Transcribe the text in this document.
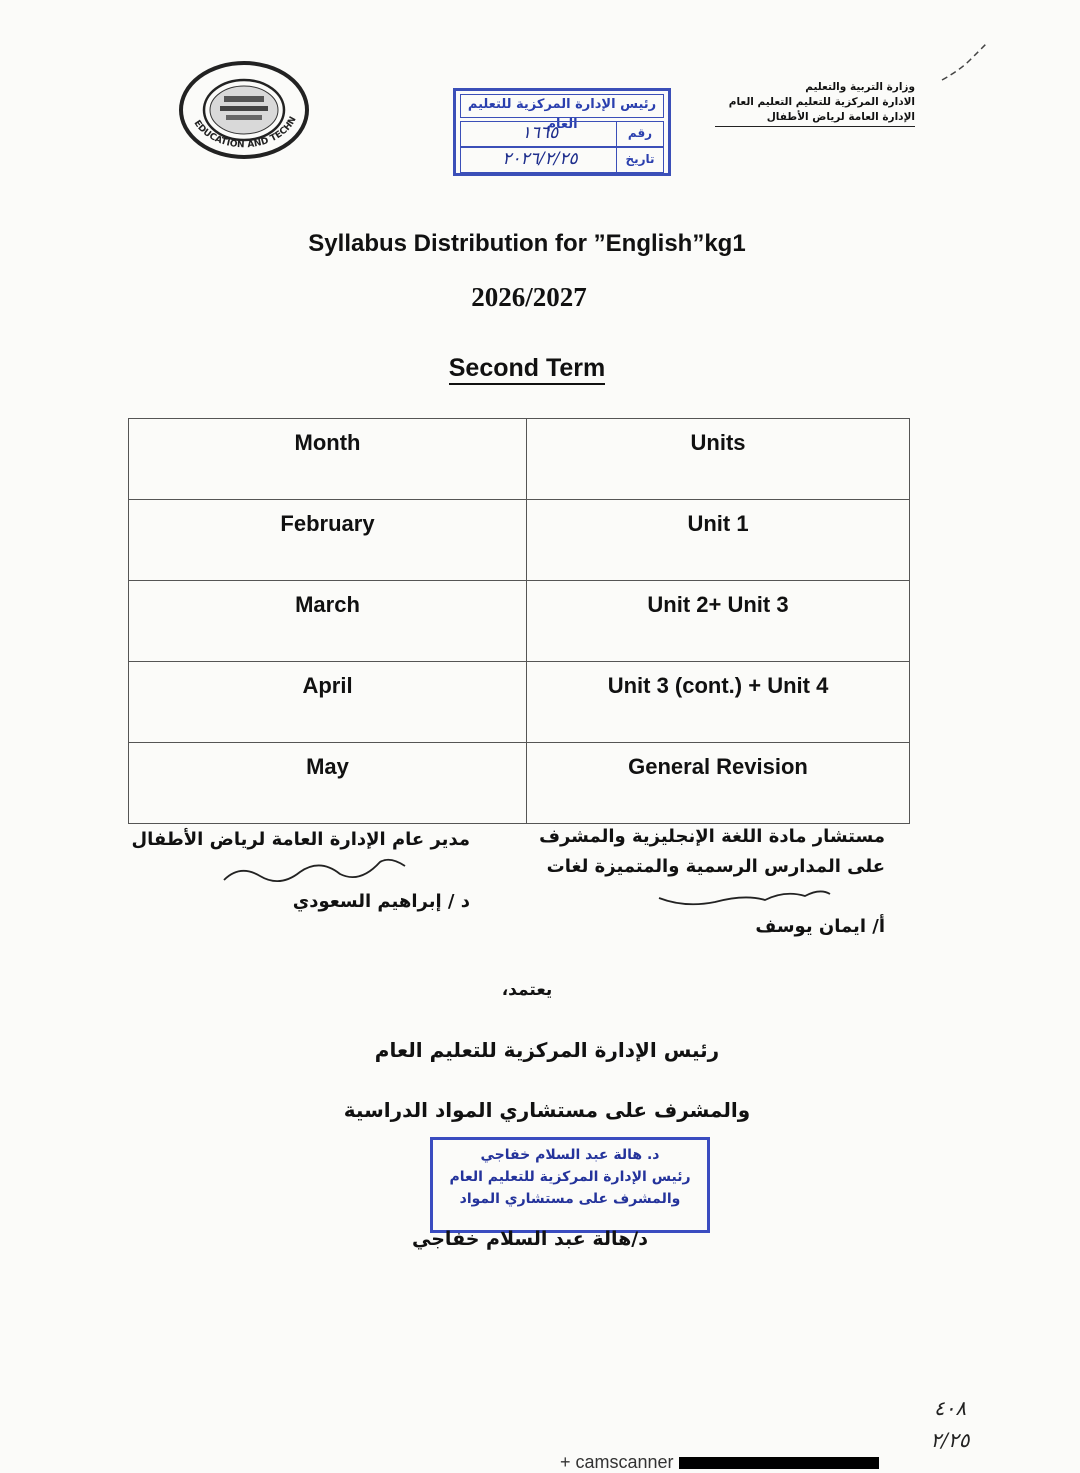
EDUCATION AND TECHN
رئيس الإدارة المركزية للتعليم العام
رقم
١٦٦٥
تاريخ
٢٠٢٦/٢/٢٥
وزارة التربية والتعليم
الادارة المركزية للتعليم التعليم العام
الإدارة العامة لرياض الأطفال
Syllabus Distribution for ”English”kg1
2026/2027
Second Term
Month	Units
February	Unit 1
March	Unit 2+ Unit 3
April	Unit 3 (cont.) + Unit 4
May	General Revision
مدير عام الإدارة العامة لرياض الأطفال
د / إبراهيم السعودي
مستشار مادة اللغة الإنجليزية والمشرف
على المدارس الرسمية والمتميزة لغات
أ/ ايمان يوسف
يعتمد،
رئيس الإدارة المركزية للتعليم العام
والمشرف على مستشاري المواد الدراسية
د. هالة عبد السلام خفاجي
رئيس الإدارة المركزية للتعليم العام
والمشرف على مستشاري المواد
د/هالة عبد السلام خفاجي
٤٠٨
٢/٢٥
+ camscanner
